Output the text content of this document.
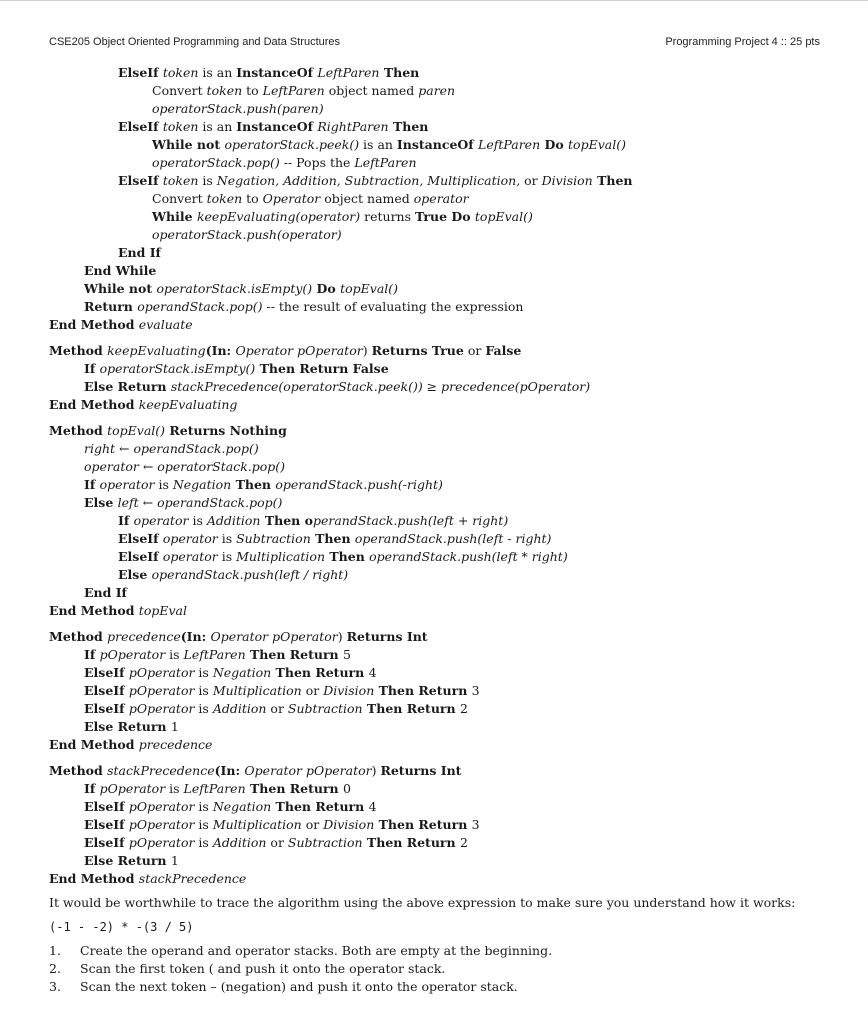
CSE205 Object Oriented Programming and Data Structures	Programming Project 4 :: 25 pts
ElseIf token is an InstanceOf LeftParen Then
Convert token to LeftParen object named paren
operatorStack.push(paren)
ElseIf token is an InstanceOf RightParen Then
While not operatorStack.peek() is an InstanceOf LeftParen Do topEval()
operatorStack.pop() -- Pops the LeftParen
ElseIf token is Negation, Addition, Subtraction, Multiplication, or Division Then
Convert token to Operator object named operator
While keepEvaluating(operator) returns True Do topEval()
operatorStack.push(operator)
End If
End While
While not operatorStack.isEmpty() Do topEval()
Return operandStack.pop() -- the result of evaluating the expression
End Method evaluate
Method keepEvaluating(In: Operator pOperator) Returns True or False
If operatorStack.isEmpty() Then Return False
Else Return stackPrecedence(operatorStack.peek()) ≥ precedence(pOperator)
End Method keepEvaluating
Method topEval() Returns Nothing
right ← operandStack.pop()
operator ← operatorStack.pop()
If operator is Negation Then operandStack.push(-right)
Else left ← operandStack.pop()
If operator is Addition Then operandStack.push(left + right)
ElseIf operator is Subtraction Then operandStack.push(left - right)
ElseIf operator is Multiplication Then operandStack.push(left * right)
Else operandStack.push(left / right)
End If
End Method topEval
Method precedence(In: Operator pOperator) Returns Int
If pOperator is LeftParen Then Return 5
ElseIf pOperator is Negation Then Return 4
ElseIf pOperator is Multiplication or Division Then Return 3
ElseIf pOperator is Addition or Subtraction Then Return 2
Else Return 1
End Method precedence
Method stackPrecedence(In: Operator pOperator) Returns Int
If pOperator is LeftParen Then Return 0
ElseIf pOperator is Negation Then Return 4
ElseIf pOperator is Multiplication or Division Then Return 3
ElseIf pOperator is Addition or Subtraction Then Return 2
Else Return 1
End Method stackPrecedence
It would be worthwhile to trace the algorithm using the above expression to make sure you understand how it works:
(-1 - -2) * -(3 / 5)
1.	Create the operand and operator stacks. Both are empty at the beginning.
2.	Scan the first token ( and push it onto the operator stack.
3.	Scan the next token – (negation) and push it onto the operator stack.
